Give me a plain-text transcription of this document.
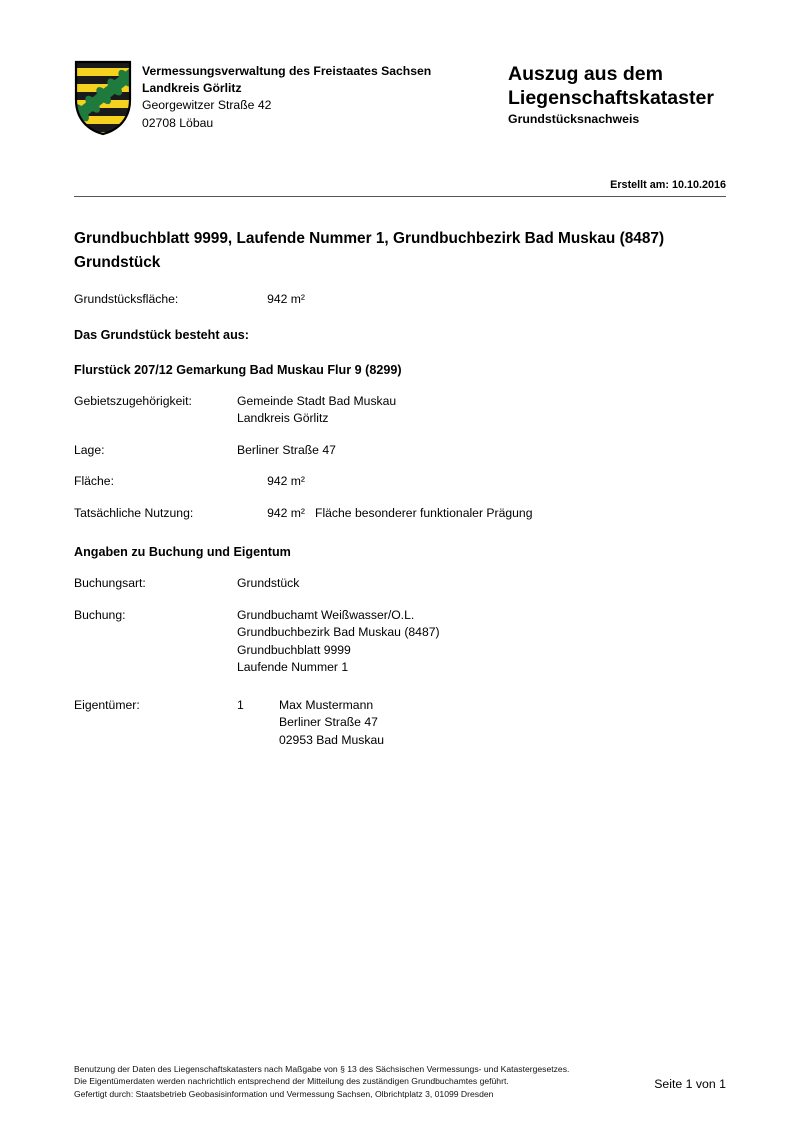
Vermessungsverwaltung des Freistaates Sachsen
Landkreis Görlitz
Georgewitzer Straße 42
02708 Löbau
Auszug aus dem
Liegenschaftskataster
Grundstücksnachweis
Erstellt am: 10.10.2016
Grundbuchblatt 9999, Laufende Nummer 1, Grundbuchbezirk Bad Muskau (8487)
Grundstück
Grundstücksfläche:	942 m²
Das Grundstück besteht aus:
Flurstück 207/12 Gemarkung Bad Muskau Flur 9 (8299)
Gebietszugehörigkeit:	Gemeinde Stadt Bad Muskau
Landkreis Görlitz
Lage:	Berliner Straße 47
Fläche:	942 m²
Tatsächliche Nutzung:	942 m² Fläche besonderer funktionaler Prägung
Angaben zu Buchung und Eigentum
Buchungsart:	Grundstück
Buchung:	Grundbuchamt Weißwasser/O.L.
Grundbuchbezirk Bad Muskau (8487)
Grundbuchblatt 9999
Laufende Nummer 1
Eigentümer:	1	Max Mustermann
Berliner Straße 47
02953 Bad Muskau
Benutzung der Daten des Liegenschaftskatasters nach Maßgabe von § 13 des Sächsischen Vermessungs- und Katastergesetzes.
Die Eigentümerdaten werden nachrichtlich entsprechend der Mitteilung des zuständigen Grundbuchamtes geführt.
Gefertigt durch: Staatsbetrieb Geobasisinformation und Vermessung Sachsen, Olbrichtplatz 3, 01099 Dresden
Seite 1 von 1
